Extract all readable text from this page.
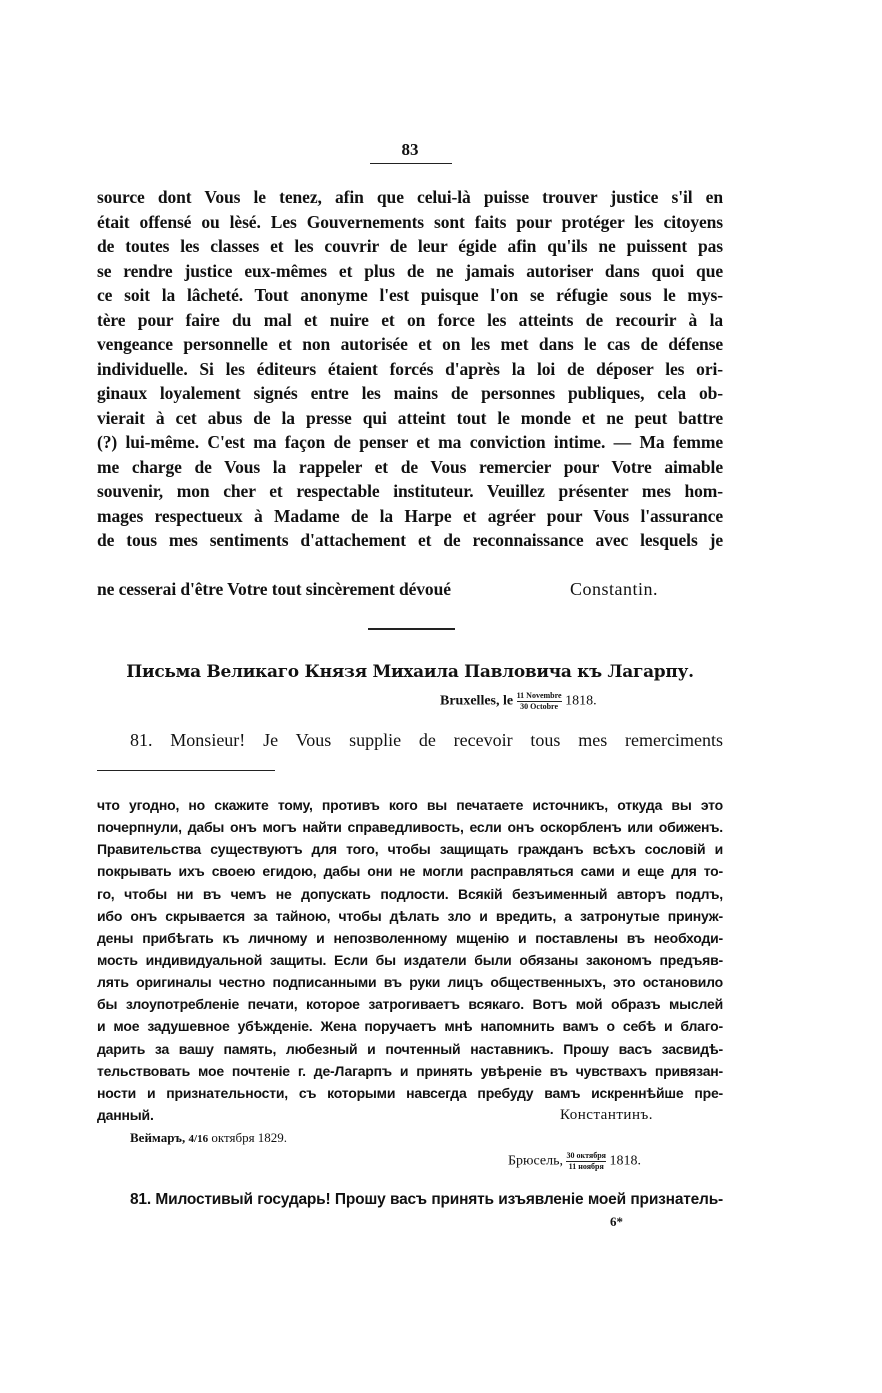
83
source dont Vous le tenez, afin que celui-là puisse trouver justice s'il en
était offensé ou lèsé. Les Gouvernements sont faits pour protéger les citoyens
de toutes les classes et les couvrir de leur égide afin qu'ils ne puissent pas
se rendre justice eux-mêmes et plus de ne jamais autoriser dans quoi que
ce soit la lâcheté. Tout anonyme l'est puisque l'on se réfugie sous le mys-
tère pour faire du mal et nuire et on force les atteints de recourir à la
vengeance personnelle et non autorisée et on les met dans le cas de défense
individuelle. Si les éditeurs étaient forcés d'après la loi de déposer les ori-
ginaux loyalement signés entre les mains de personnes publiques, cela ob-
vierait à cet abus de la presse qui atteint tout le monde et ne peut battre
(?) lui-même. C'est ma façon de penser et ma conviction intime. — Ma femme
me charge de Vous la rappeler et de Vous remercier pour Votre aimable
souvenir, mon cher et respectable instituteur. Veuillez présenter mes hom-
mages respectueux à Madame de la Harpe et agréer pour Vous l'assurance
de tous mes sentiments d'attachement et de reconnaissance avec lesquels je
ne cesserai d'être Votre tout sincèrement dévoué	Constantin.
Письма Великаго Князя Михаила Павловича къ Лагарпу.
Bruxelles, le $\frac{\text{11 Novembre}}{\text{30 Octobre}} 1818$.
81. Monsieur! Je Vous supplie de recevoir tous mes remerciments
что угодно, но скажите тому, противъ кого вы печатаете источникъ, откуда вы это
почерпнули, дабы онъ могъ найти справедливость, если онъ оскорбленъ или обиженъ.
Правительства существуютъ для того, чтобы защищать гражданъ всѣхъ сословій и
покрывать ихъ своею егидою, дабы они не могли расправляться сами и еще для то-
го, чтобы ни въ чемъ не допускать подлости. Всякій безъименный авторъ подлъ,
ибо онъ скрывается за тайною, чтобы дѣлать зло и вредить, а затронутые принуж-
дены прибѣгать къ личному и непозволенному мщенію и поставлены въ необходи-
мость индивидуальной защиты. Если бы издатели были обязаны закономъ предъяв-
лять оригиналы честно подписанными въ руки лицъ общественныхъ, это остановило
бы злоупотребленіе печати, которое затрогиваетъ всякаго. Вотъ мой образъ мыслей
и мое задушевное убѣжденіе. Жена поручаетъ мнѣ напомнить вамъ о себѣ и благо-
дарить за вашу память, любезный и почтенный наставникъ. Прошу васъ засвидѣ-
тельствовать мое почтеніе г. де-Лагарпъ и принять увѣреніе въ чувствахъ привязан-
ности и признательности, съ которыми навсегда пребуду вамъ искреннѣйше пре-
данный.	Константинъ.
Веймаръ, 4/16 октября 1829.
Брюсель, $\frac{\text{30 октября}}{\text{11 ноября}} 1818$.
81. Милостивый государь! Прошу васъ принять изъявленіе моей признатель-
6*
